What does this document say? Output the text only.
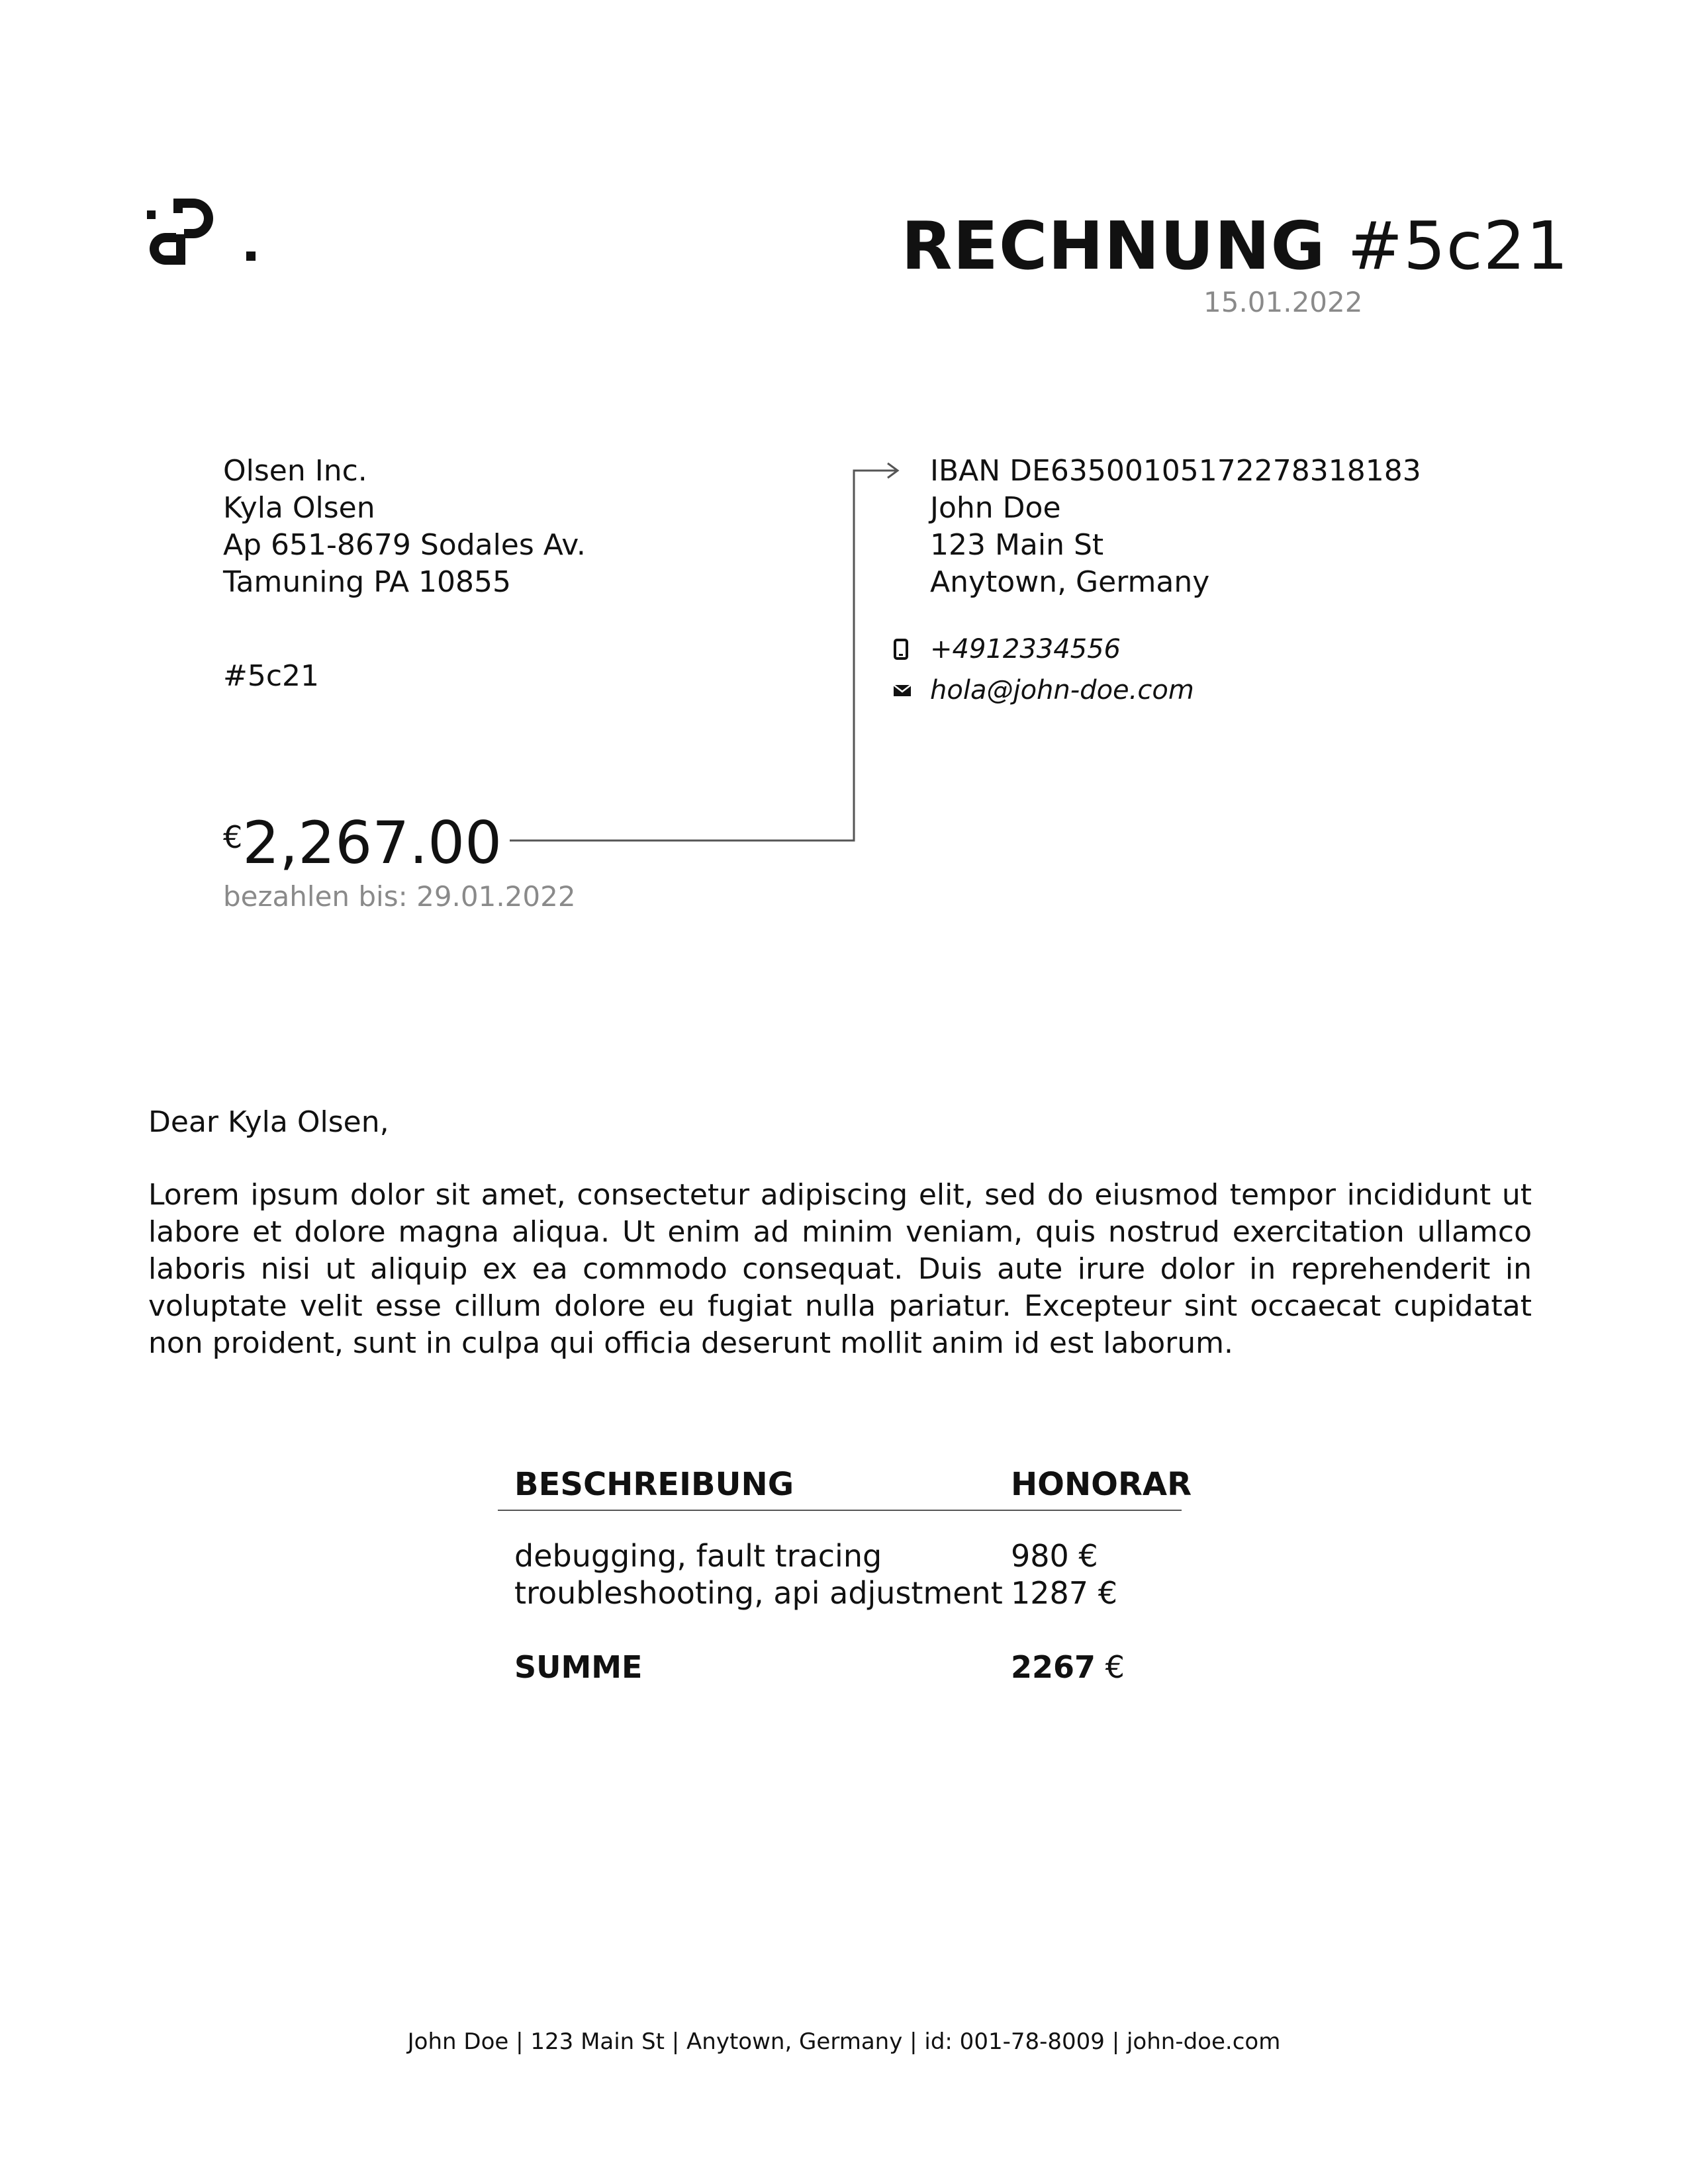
RECHNUNG #5c21
15.01.2022
Olsen Inc.
Kyla Olsen
Ap 651-8679 Sodales Av.
Tamuning PA 10855
#5c21
IBAN DE63500105172278318183
John Doe
123 Main St
Anytown, Germany
+4912334556
hola@john-doe.com
€2,267.00
bezahlen bis: 29.01.2022
Dear Kyla Olsen,
Lorem ipsum dolor sit amet, consectetur adipiscing elit, sed do eiusmod tempor incididunt ut labore et dolore magna aliqua. Ut enim ad minim veniam, quis nostrud exercitation ullamco laboris nisi ut aliquip ex ea commodo consequat. Duis aute irure dolor in reprehenderit in voluptate velit esse cillum dolore eu fugiat nulla pariatur. Excepteur sint occaecat cupidatat non proident, sunt in culpa qui officia deserunt mollit anim id est laborum.
BESCHREIBUNG	HONORAR
debugging, fault tracing	980 €
troubleshooting, api adjustment 1287 €
SUMME	2267 €
John Doe | 123 Main St | Anytown, Germany | id: 001-78-8009 | john-doe.com
